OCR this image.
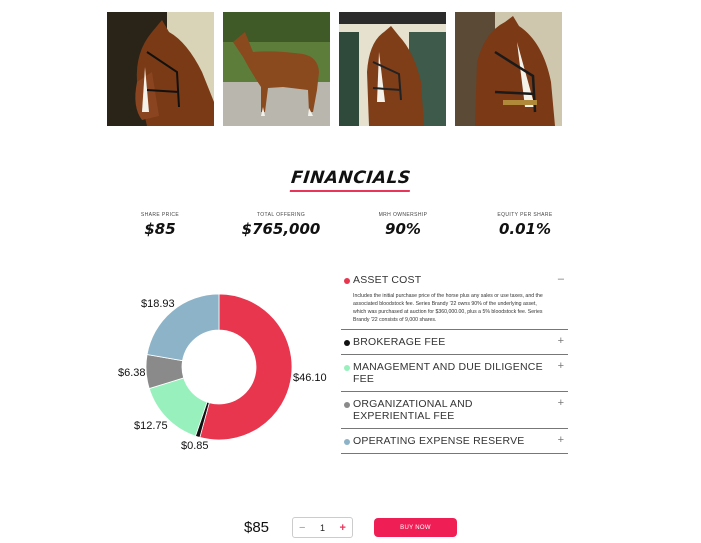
FINANCIALS
SHARE PRICE
$85
TOTAL OFFERING
$765,000
MRH OWNERSHIP
90%
EQUITY PER SHARE
0.01%
$46.10
$0.85
$12.75
$6.38
$18.93
ASSET COST	–
Includes the initial purchase price of the horse plus any sales or use taxes, and the associated bloodstock fee. Series Brandy '22 owns 90% of the underlying asset, which was purchased at auction for $360,000.00, plus a 5% bloodstock fee. Series Brandy '22 consists of 9,000 shares.
BROKERAGE FEE	+
MANAGEMENT AND DUE DILIGENCE FEE
+
ORGANIZATIONAL AND EXPERIENTIAL FEE
+
OPERATING EXPENSE RESERVE	+
$85	− 1 +	BUY NOW
